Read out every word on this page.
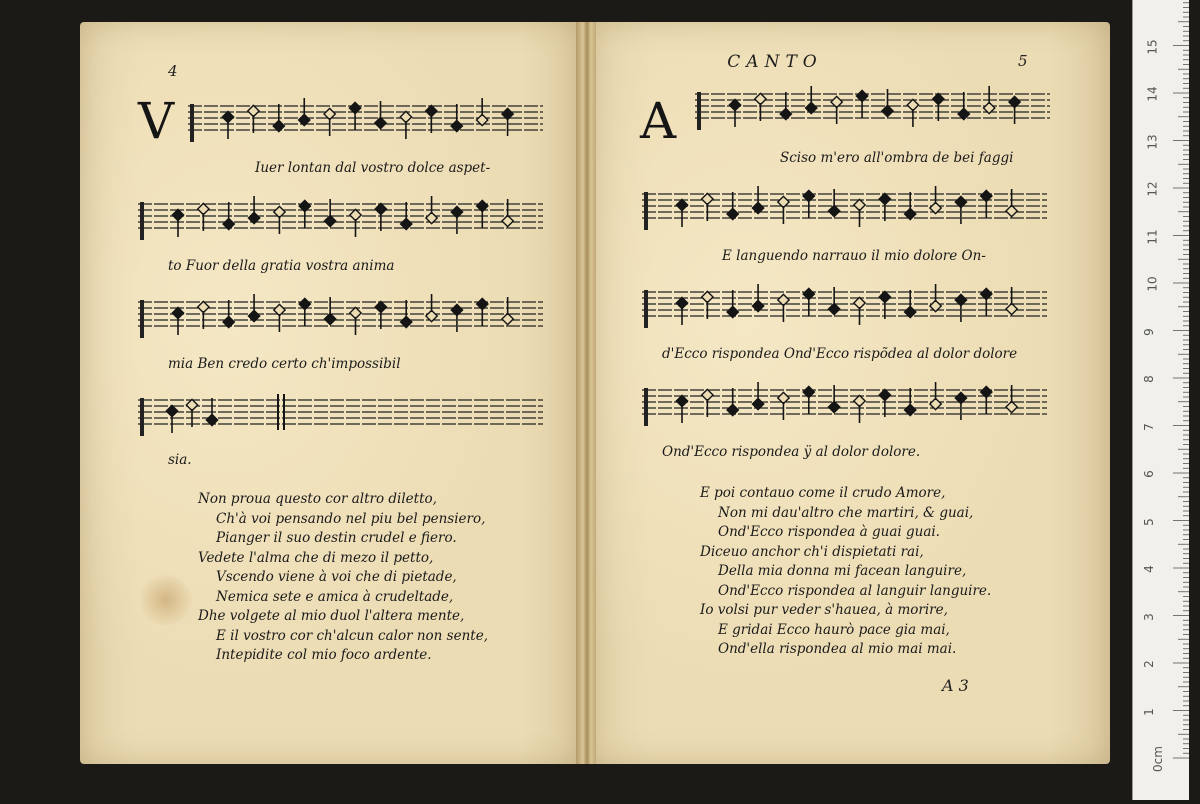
4
V
Iuer lontan dal vostro dolce aspet-
to Fuor della gratia vostra anima
mia Ben credo certo ch'impossibil
sia.
Non proua questo cor altro diletto,
Ch'à voi pensando nel piu bel pensiero,
Pianger il suo destin crudel e fiero.
Vedete l'alma che di mezo il petto,
Vscendo viene à voi che di pietade,
Nemica sete e amica à crudeltade,
Dhe volgete al mio duol l'altera mente,
E il vostro cor ch'alcun calor non sente,
Intepidite col mio foco ardente.
CANTO	5
A
Sciso m'ero all'ombra de bei faggi
E languendo narrauo il mio dolore On-
d'Ecco rispondea Ond'Ecco rispõdea al dolor dolore
Ond'Ecco rispondea ÿ al dolor dolore.
E poi contauo come il crudo Amore,
Non mi dau'altro che martiri, & guai,
Ond'Ecco rispondea à guai guai.
Diceuo anchor ch'i dispietati rai,
Della mia donna mi facean languire,
Ond'Ecco rispondea al languir languire.
Io volsi pur veder s'hauea, à morire,
E gridai Ecco haurò pace gia mai,
Ond'ella rispondea al mio mai mai.
A 3
0cm
1
2
3
4
5
6
7
8
9
10
11
12
13
14
15
